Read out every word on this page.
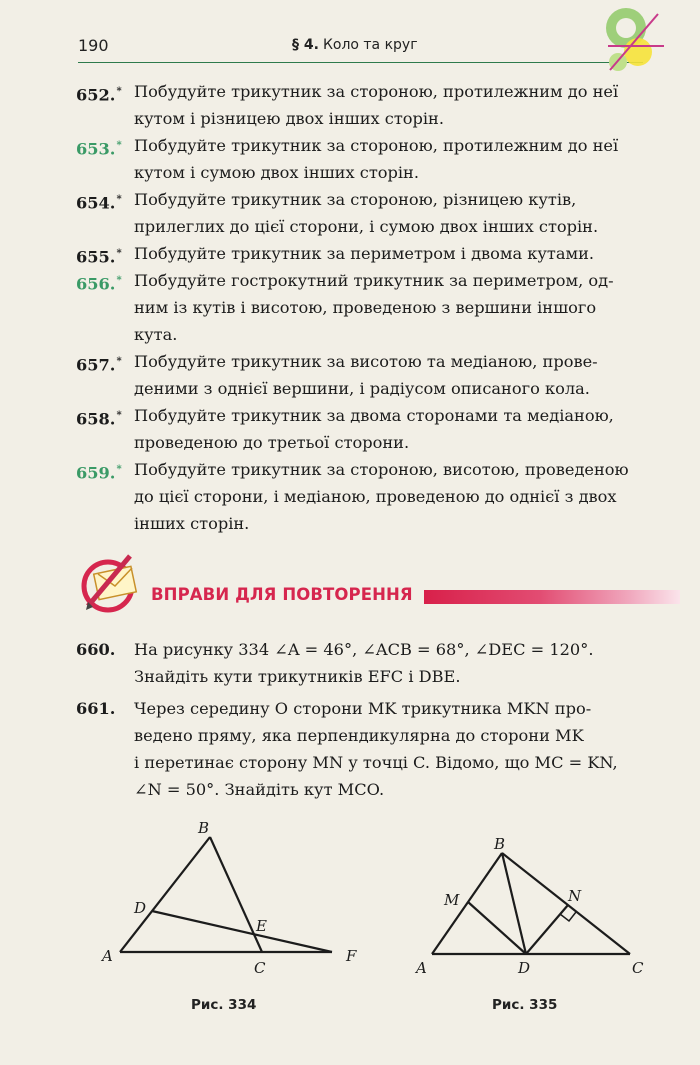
190	§ 4. Коло та круг
652.* Побудуйте трикутник за стороною, протилежним до неї
кутом і різницею двох інших сторін.
653.* Побудуйте трикутник за стороною, протилежним до неї
кутом і сумою двох інших сторін.
654.* Побудуйте трикутник за стороною, різницею кутів,
прилеглих до цієї сторони, і сумою двох інших сторін.
655.* Побудуйте трикутник за периметром і двома кутами.
656.* Побудуйте гострокутний трикутник за периметром, од-
ним із кутів і висотою, проведеною з вершини іншого
кута.
657.* Побудуйте трикутник за висотою та медіаною, прове-
деними з однієї вершини, і радіусом описаного кола.
658.* Побудуйте трикутник за двома сторонами та медіаною,
проведеною до третьої сторони.
659.* Побудуйте трикутник за стороною, висотою, проведеною
до цієї сторони, і медіаною, проведеною до однієї з двох
інших сторін.
ВПРАВИ ДЛЯ ПОВТОРЕННЯ
660. На рисунку 334 ∠A = 46°, ∠ACB = 68°, ∠DEC = 120°.
Знайдіть кути трикутників EFC і DBE.
661. Через середину O сторони MK трикутника MKN про-
ведено пряму, яка перпендикулярна до сторони MK
і перетинає сторону MN у точці C. Відомо, що MC = KN,
∠N = 50°. Знайдіть кут MCO.
B
D
E
A
C
F
Рис. 334
B
M	N
A	D	C
Рис. 335
